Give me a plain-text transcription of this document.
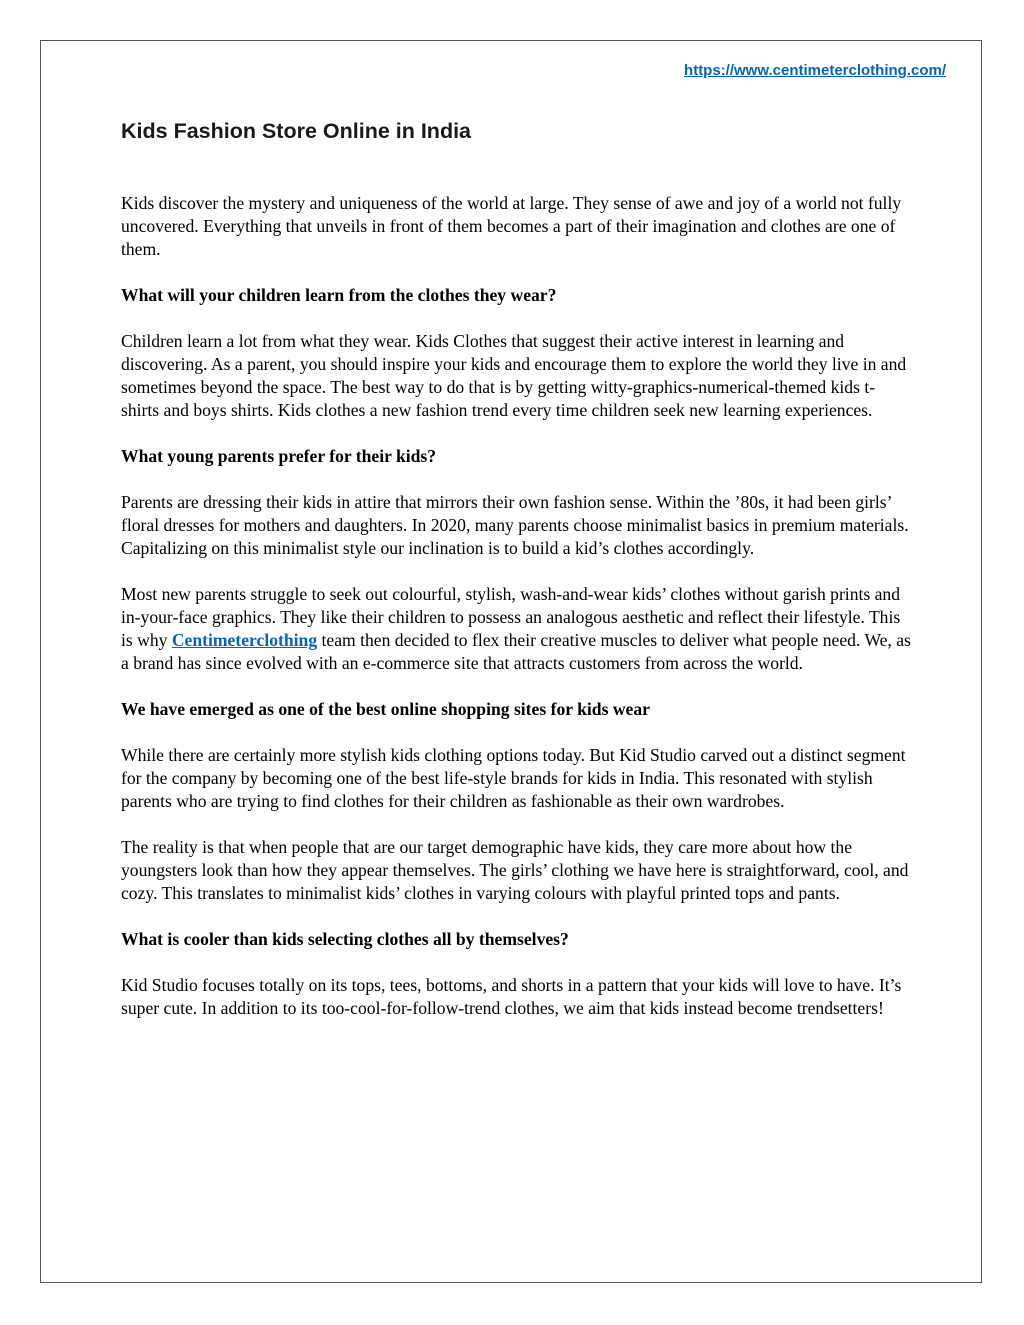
https://www.centimeterclothing.com/
Kids Fashion Store Online in India

Kids discover the mystery and uniqueness of the world at large. They sense of awe and joy of a world not fully uncovered. Everything that unveils in front of them becomes a part of their imagination and clothes are one of them.

What will your children learn from the clothes they wear?

Children learn a lot from what they wear. Kids Clothes that suggest their active interest in learning and discovering. As a parent, you should inspire your kids and encourage them to explore the world they live in and sometimes beyond the space. The best way to do that is by getting witty-graphics-numerical-themed kids t-shirts and boys shirts. Kids clothes a new fashion trend every time children seek new learning experiences.

What young parents prefer for their kids?

Parents are dressing their kids in attire that mirrors their own fashion sense. Within the ’80s, it had been girls’ floral dresses for mothers and daughters. In 2020, many parents choose minimalist basics in premium materials. Capitalizing on this minimalist style our inclination is to build a kid’s clothes accordingly.

Most new parents struggle to seek out colourful, stylish, wash-and-wear kids’ clothes without garish prints and in-your-face graphics. They like their children to possess an analogous aesthetic and reflect their lifestyle. This is why Centimeterclothing team then decided to flex their creative muscles to deliver what people need. We, as a brand has since evolved with an e-commerce site that attracts customers from across the world.

We have emerged as one of the best online shopping sites for kids wear

While there are certainly more stylish kids clothing options today. But Kid Studio carved out a distinct segment for the company by becoming one of the best life-style brands for kids in India. This resonated with stylish parents who are trying to find clothes for their children as fashionable as their own wardrobes.

The reality is that when people that are our target demographic have kids, they care more about how the youngsters look than how they appear themselves. The girls’ clothing we have here is straightforward, cool, and cozy. This translates to minimalist kids’ clothes in varying colours with playful printed tops and pants.

What is cooler than kids selecting clothes all by themselves?

Kid Studio focuses totally on its tops, tees, bottoms, and shorts in a pattern that your kids will love to have. It’s super cute. In addition to its too-cool-for-follow-trend clothes, we aim that kids instead become trendsetters!
